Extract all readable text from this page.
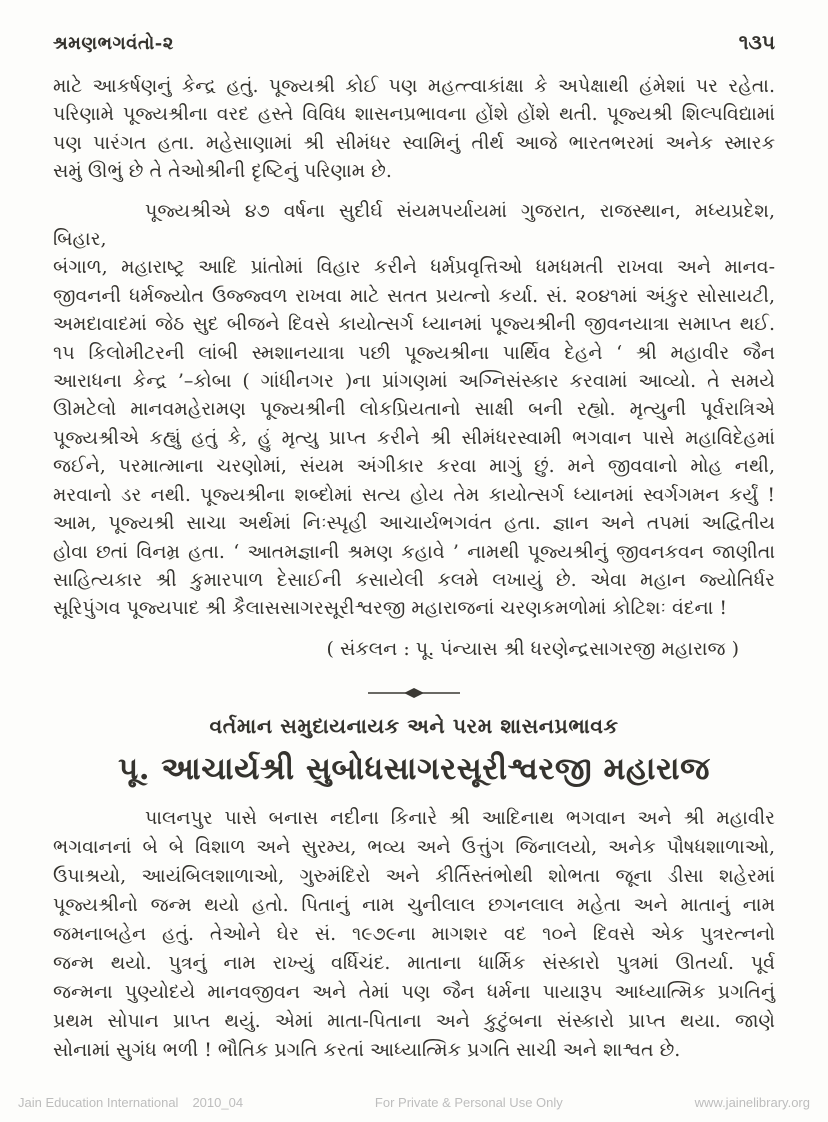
શ્રમણભગવંતો-૨	૧૩૫
માટે આકર્ષણનું કેન્દ્ર હતું. પૂજ્યશ્રી કોઈ પણ મહત્ત્વાકાંક્ષા કે અપેક્ષાથી હંમેશાં પર રહેતા.
પરિણામે પૂજ્યશ્રીના વરદ હસ્તે વિવિધ શાસનપ્રભાવના હોંશે હોંશે થતી. પૂજ્યશ્રી શિલ્પવિદ્યામાં
પણ પારંગત હતા. મહેસાણામાં શ્રી સીમંધર સ્વામિનું તીર્થ આજે ભારતભરમાં અનેક સ્મારક
સમું ઊભું છે તે તેઓશ્રીની દૃષ્ટિનું પરિણામ છે.
પૂજ્યશ્રીએ ૪૭ વર્ષના સુદીર્ઘ સંયમપર્યાયમાં ગુજરાત, રાજસ્થાન, મધ્યપ્રદેશ, બિહાર,
બંગાળ, મહારાષ્ટ્ર આદિ પ્રાંતોમાં વિહાર કરીને ધર્મપ્રવૃત્તિઓ ધમધમતી રાખવા અને માનવ-
જીવનની ધર્મજ્યોત ઉજ્જ્વળ રાખવા માટે સતત પ્રયત્નો કર્યા. સં. ૨૦૪૧માં અંકુર સોસાયટી,
અમદાવાદમાં જેઠ સુદ બીજને દિવસે કાયોત્સર્ગ ધ્યાનમાં પૂજ્યશ્રીની જીવનયાત્રા સમાપ્ત થઈ.
૧૫ કિલોમીટરની લાંબી સ્મશાનયાત્રા પછી પૂજ્યશ્રીના પાર્થિવ દેહને ‘ શ્રી મહાવીર જૈન
આરાધના કેન્દ્ર ’–કોબા ( ગાંધીનગર )ના પ્રાંગણમાં અગ્નિસંસ્કાર કરવામાં આવ્યો. તે સમયે
ઊમટેલો માનવમહેરામણ પૂજ્યશ્રીની લોકપ્રિયતાનો સાક્ષી બની રહ્યો. મૃત્યુની પૂર્વરાત્રિએ
પૂજ્યશ્રીએ કહ્યું હતું કે, હું મૃત્યુ પ્રાપ્ત કરીને શ્રી સીમંધરસ્વામી ભગવાન પાસે મહાવિદેહમાં
જઈને, પરમાત્માના ચરણોમાં, સંયમ અંગીકાર કરવા માગું છું. મને જીવવાનો મોહ નથી,
મરવાનો ડર નથી. પૂજ્યશ્રીના શબ્દોમાં સત્ય હોય તેમ કાયોત્સર્ગ ધ્યાનમાં સ્વર્ગગમન કર્યું !
આમ, પૂજ્યશ્રી સાચા અર્થમાં નિઃસ્પૃહી આચાર્યભગવંત હતા. જ્ઞાન અને તપમાં અદ્વિતીય
હોવા છતાં વિનમ્ર હતા. ‘ આતમજ્ઞાની શ્રમણ કહાવે ’ નામથી પૂજ્યશ્રીનું જીવનકવન જાણીતા
સાહિત્યકાર શ્રી કુમારપાળ દેસાઈની કસાયેલી કલમે લખાયું છે. એવા મહાન જ્યોતિર્ધર
સૂરિપુંગવ પૂજ્યપાદ શ્રી કૈલાસસાગરસૂરીશ્વરજી મહારાજનાં ચરણકમળોમાં કોટિશઃ વંદના !
( સંકલન : પૂ. પંન્યાસ શ્રી ધરણેન્દ્રસાગરજી મહારાજ )
વર્તમાન સમુદાયનાયક અને પરમ શાસનપ્રભાવક
પૂ. આચાર્યશ્રી સુબોધસાગરસૂરીશ્વરજી મહારાજ
પાલનપુર પાસે બનાસ નદીના કિનારે શ્રી આદિનાથ ભગવાન અને શ્રી મહાવીર
ભગવાનનાં બે બે વિશાળ અને સુરમ્ય, ભવ્ય અને ઉત્તુંગ જિનાલયો, અનેક પૌષધશાળાઓ,
ઉપાશ્રયો, આયંબિલશાળાઓ, ગુરુમંદિરો અને કીર્તિસ્તંભોથી શોભતા જૂના ડીસા શહેરમાં
પૂજ્યશ્રીનો જન્મ થયો હતો. પિતાનું નામ ચુનીલાલ છગનલાલ મહેતા અને માતાનું નામ
જમનાબહેન હતું. તેઓને ઘેર સં. ૧૯૭૯ના માગશર વદ ૧૦ને દિવસે એક પુત્રરત્નનો
જન્મ થયો. પુત્રનું નામ રાખ્યું વર્ધિચંદ. માતાના ધાર્મિક સંસ્કારો પુત્રમાં ઊતર્યા. પૂર્વ
જન્મના પુણ્યોદયે માનવજીવન અને તેમાં પણ જૈન ધર્મના પાયારૂપ આધ્યાત્મિક પ્રગતિનું
પ્રથમ સોપાન પ્રાપ્ત થયું. એમાં માતા-પિતાના અને કુટુંબના સંસ્કારો પ્રાપ્ત થયા. જાણે
સોનામાં સુગંધ ભળી ! ભૌતિક પ્રગતિ કરતાં આધ્યાત્મિક પ્રગતિ સાચી અને શાશ્વત છે.
Jain Education International 2010_04	For Private & Personal Use Only	www.jainelibrary.org
